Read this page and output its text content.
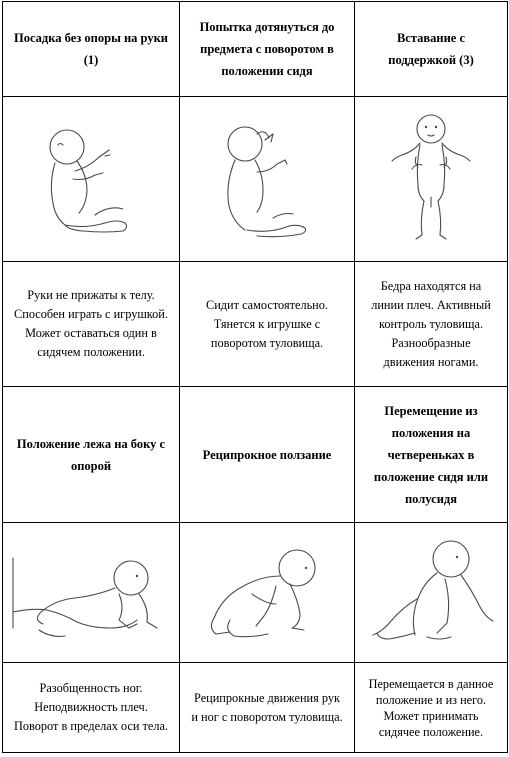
Посадка без опоры на руки
(1)	Попытка дотянуться до
предмета с поворотом в
положении сидя	Вставание с
поддержкой (3)

Руки не прижаты к телу.
Способен играть с игрушкой.
Может оставаться один в
сидячем положении.	Сидит самостоятельно.
Тянется к игрушке с
поворотом туловища.	Бедра находятся на
линии плеч. Активный
контроль туловища.
Разнообразные
движения ногами.

Положение лежа на боку с
опорой	Реципрокное ползание	Перемещение из
положения на
четвереньках в
положение сидя или
полусидя

Разобщенность ног.
Неподвижность плеч.
Поворот в пределах оси тела.	Реципрокные движения рук
и ног с поворотом туловища.	Перемещается в данное
положение и из него.
Может принимать
сидячее положение.
